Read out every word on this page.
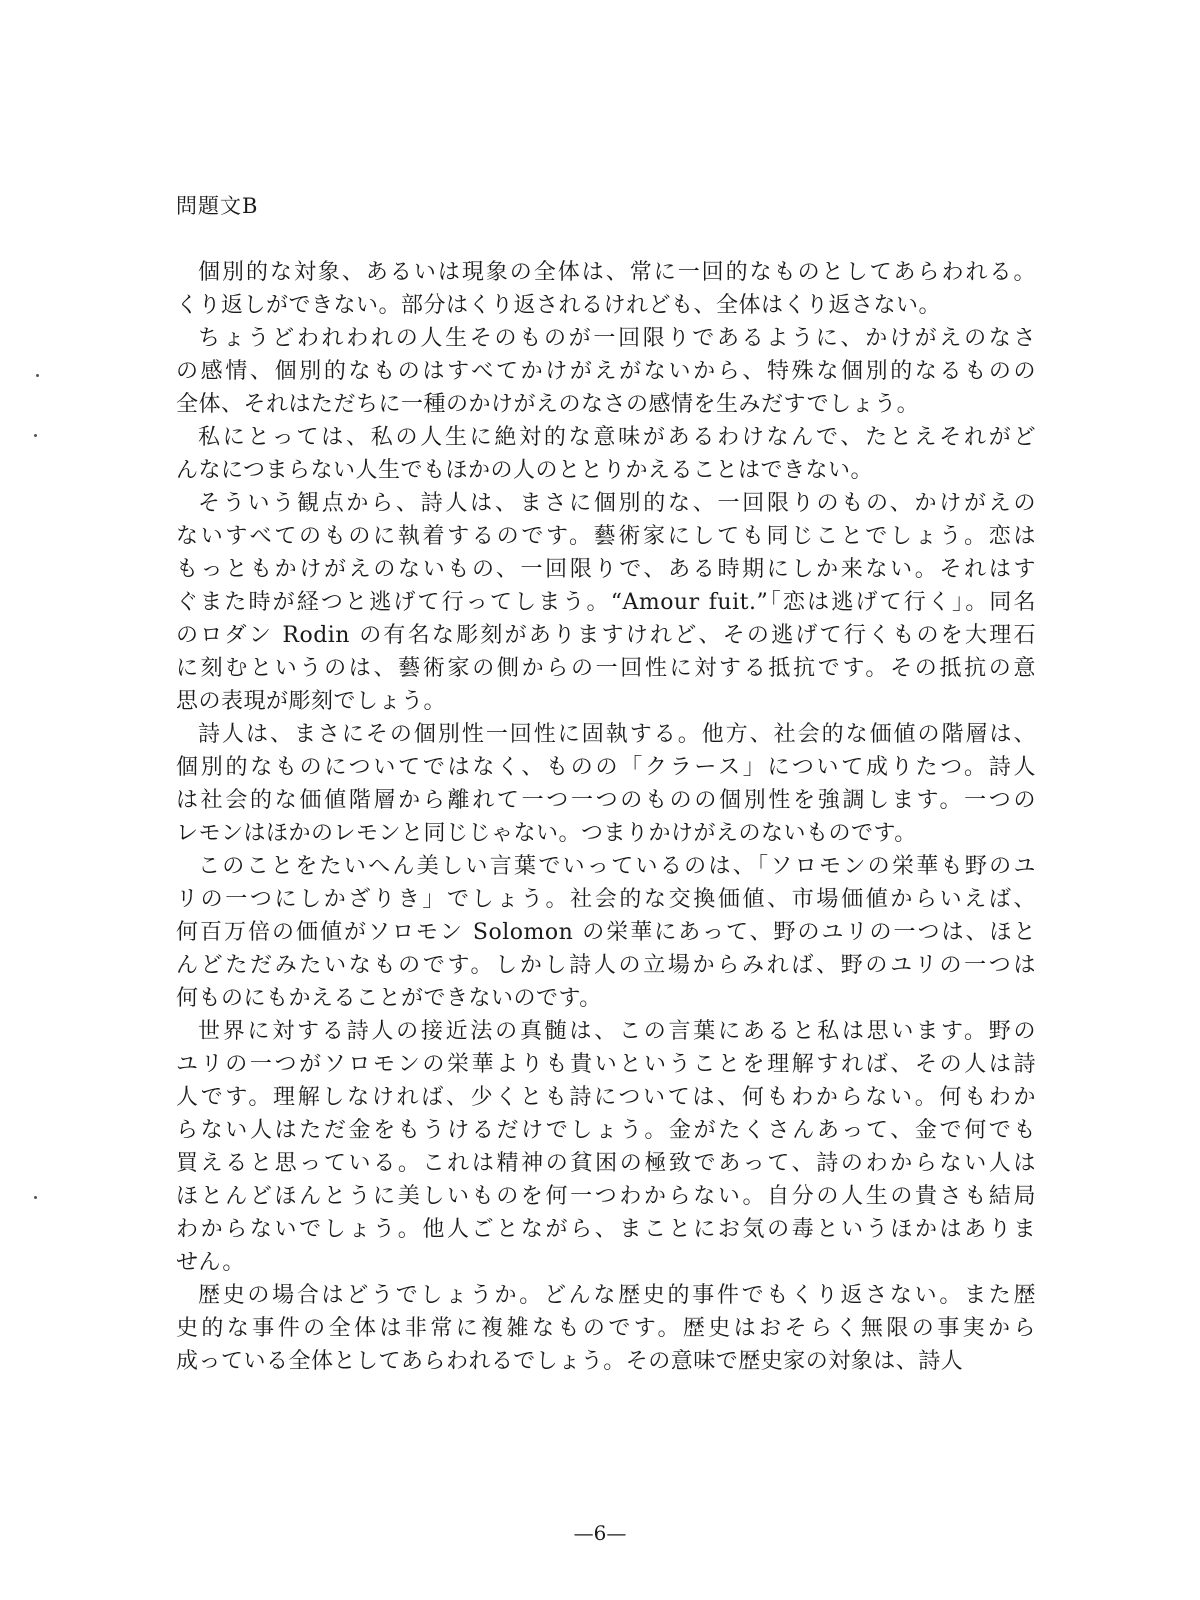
問題文B
個別的な対象、あるいは現象の全体は、常に一回的なものとしてあらわれる。
くり返しができない。部分はくり返されるけれども、全体はくり返さない。
ちょうどわれわれの人生そのものが一回限りであるように、かけがえのなさ
の感情、個別的なものはすべてかけがえがないから、特殊な個別的なるものの
全体、それはただちに一種のかけがえのなさの感情を生みだすでしょう。
私にとっては、私の人生に絶対的な意味があるわけなんで、たとえそれがど
んなにつまらない人生でもほかの人のととりかえることはできない。
そういう観点から、詩人は、まさに個別的な、一回限りのもの、かけがえの
ないすべてのものに執着するのです。藝術家にしても同じことでしょう。恋は
もっともかけがえのないもの、一回限りで、ある時期にしか来ない。それはす
ぐまた時が経つと逃げて行ってしまう。“Amour fuit.”「恋は逃げて行く」。同名
のロダン Rodin の有名な彫刻がありますけれど、その逃げて行くものを大理石
に刻むというのは、藝術家の側からの一回性に対する抵抗です。その抵抗の意
思の表現が彫刻でしょう。
詩人は、まさにその個別性一回性に固執する。他方、社会的な価値の階層は、
個別的なものについてではなく、ものの「クラース」について成りたつ。詩人
は社会的な価値階層から離れて一つ一つのものの個別性を強調します。一つの
レモンはほかのレモンと同じじゃない。つまりかけがえのないものです。
このことをたいへん美しい言葉でいっているのは、「ソロモンの栄華も野のユ
リの一つにしかざりき」でしょう。社会的な交換価値、市場価値からいえば、
何百万倍の価値がソロモン Solomon の栄華にあって、野のユリの一つは、ほと
んどただみたいなものです。しかし詩人の立場からみれば、野のユリの一つは
何ものにもかえることができないのです。
世界に対する詩人の接近法の真髄は、この言葉にあると私は思います。野の
ユリの一つがソロモンの栄華よりも貴いということを理解すれば、その人は詩
人です。理解しなければ、少くとも詩については、何もわからない。何もわか
らない人はただ金をもうけるだけでしょう。金がたくさんあって、金で何でも
買えると思っている。これは精神の貧困の極致であって、詩のわからない人は
ほとんどほんとうに美しいものを何一つわからない。自分の人生の貴さも結局
わからないでしょう。他人ごとながら、まことにお気の毒というほかはありま
せん。
歴史の場合はどうでしょうか。どんな歴史的事件でもくり返さない。また歴
史的な事件の全体は非常に複雑なものです。歴史はおそらく無限の事実から
成っている全体としてあらわれるでしょう。その意味で歴史家の対象は、詩人
—6—
